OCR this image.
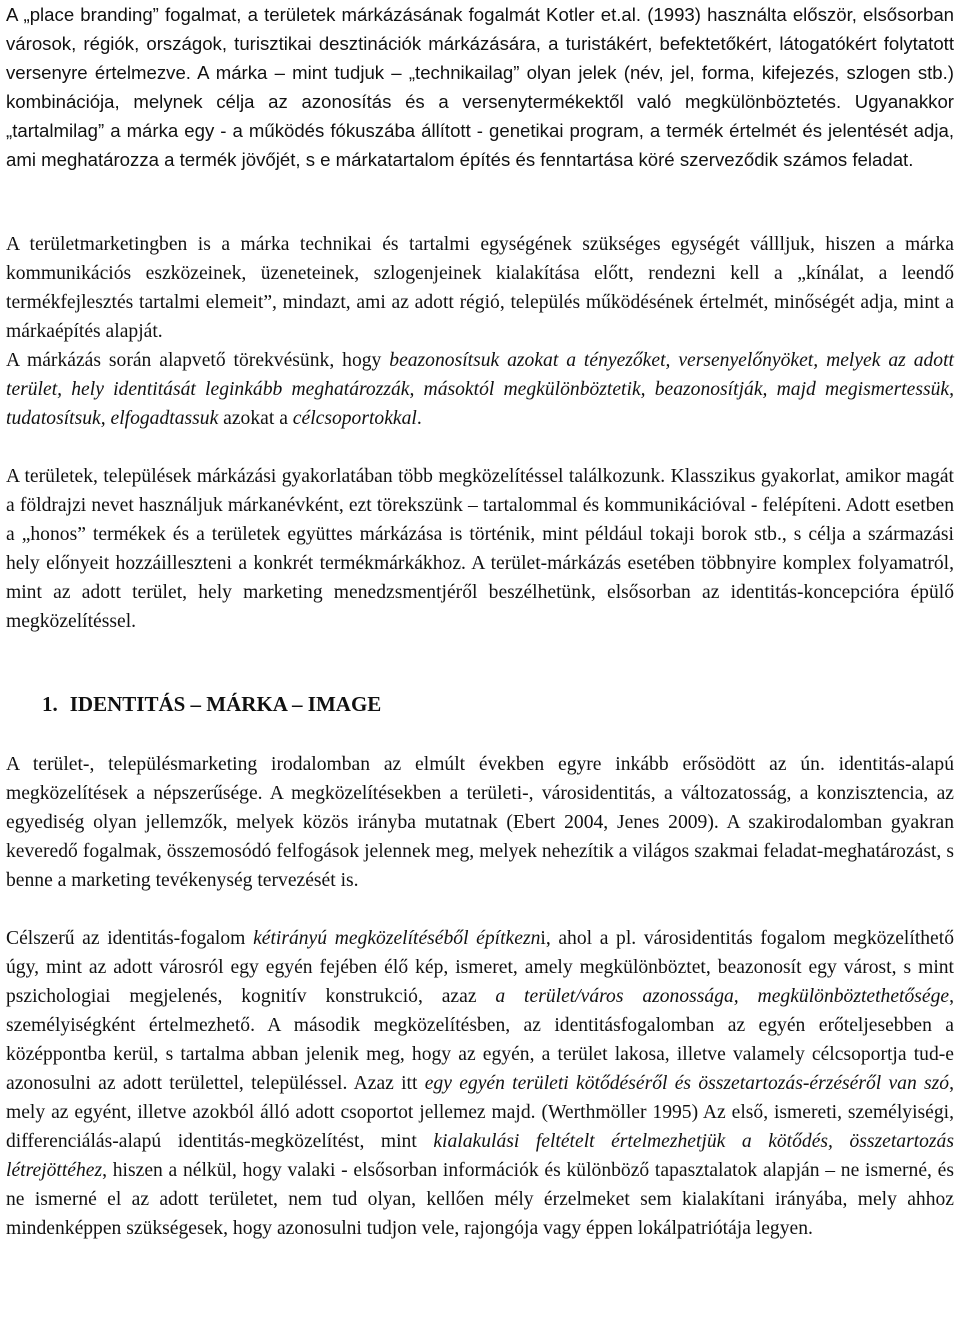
A „place branding” fogalmat, a területek márkázásának fogalmát Kotler et.al. (1993) használta először, elsősorban városok, régiók, országok, turisztikai desztinációk márkázására, a turistákért, befektetőkért, látogatókért folytatott versenyre értelmezve. A márka – mint tudjuk – „technikailag” olyan jelek (név, jel, forma, kifejezés, szlogen stb.) kombinációja, melynek célja az azonosítás és a versenytermékektől való megkülönböztetés. Ugyanakkor „tartalmilag” a márka egy - a működés fókuszába állított - genetikai program, a termék értelmét és jelentését adja, ami meghatározza a termék jövőjét, s e márkatartalom építés és fenntartása köré szerveződik számos feladat.

A területmarketingben is a márka technikai és tartalmi egységének szükséges egységét vállljuk, hiszen a márka kommunikációs eszközeinek, üzeneteinek, szlogenjeinek kialakítása előtt, rendezni kell a „kínálat, a leendő termékfejlesztés tartalmi elemeit”, mindazt, ami az adott régió, település működésének értelmét, minőségét adja, mint a márkaépítés alapját.

A márkázás során alapvető törekvésünk, hogy beazonosítsuk azokat a tényezőket, versenyelőnyöket, melyek az adott terület, hely identitását leginkább meghatározzák, másoktól megkülönböztetik, beazonosítják, majd megismertessük, tudatosítsuk, elfogadtassuk azokat a célcsoportokkal.

A területek, települések márkázási gyakorlatában több megközelítéssel találkozunk. Klasszikus gyakorlat, amikor magát a földrajzi nevet használjuk márkanévként, ezt törekszünk – tartalommal és kommunikációval - felépíteni. Adott esetben a „honos” termékek és a területek együttes márkázása is történik, mint például tokaji borok stb., s célja a származási hely előnyeit hozzáilleszteni a konkrét termékmárkákhoz. A terület-márkázás esetében többnyire komplex folyamatról, mint az adott terület, hely marketing menedzsmentjéről beszélhetünk, elsősorban az identitás-koncepcióra épülő megközelítéssel.

1. IDENTITÁS – MÁRKA – IMAGE

A terület-, településmarketing irodalomban az elmúlt években egyre inkább erősödött az ún. identitás-alapú megközelítések a népszerűsége. A megközelítésekben a területi-, városidentitás, a változatosság, a konzisztencia, az egyediség olyan jellemzők, melyek közös irányba mutatnak (Ebert 2004, Jenes 2009). A szakirodalomban gyakran keveredő fogalmak, összemosódó felfogások jelennek meg, melyek nehezítik a világos szakmai feladat-meghatározást, s benne a marketing tevékenység tervezését is.

Célszerű az identitás-fogalom kétirányú megközelítéséből építkezni, ahol a pl. városidentitás fogalom megközelíthető úgy, mint az adott városról egy egyén fejében élő kép, ismeret, amely megkülönböztet, beazonosít egy várost, s mint pszichologiai megjelenés, kognitív konstrukció, azaz a terület/város azonossága, megkülönböztethetősége, személyiségként értelmezhető. A második megközelítésben, az identitásfogalomban az egyén erőteljesebben a középpontba kerül, s tartalma abban jelenik meg, hogy az egyén, a terület lakosa, illetve valamely célcsoportja tud-e azonosulni az adott területtel, településsel. Azaz itt egy egyén területi kötődéséről és összetartozás-érzéséről van szó, mely az egyént, illetve azokból álló adott csoportot jellemez majd. (Werthmöller 1995) Az első, ismereti, személyiségi, differenciálás-alapú identitás-megközelítést, mint kialakulási feltételt értelmezhetjük a kötődés, összetartozás létrejöttéhez, hiszen a nélkül, hogy valaki - elsősorban információk és különböző tapasztalatok alapján – ne ismerné, és ne ismerné el az adott területet, nem tud olyan, kellően mély érzelmeket sem kialakítani irányába, mely ahhoz mindenképpen szükségesek, hogy azonosulni tudjon vele, rajongója vagy éppen lokálpatriótája legyen.
